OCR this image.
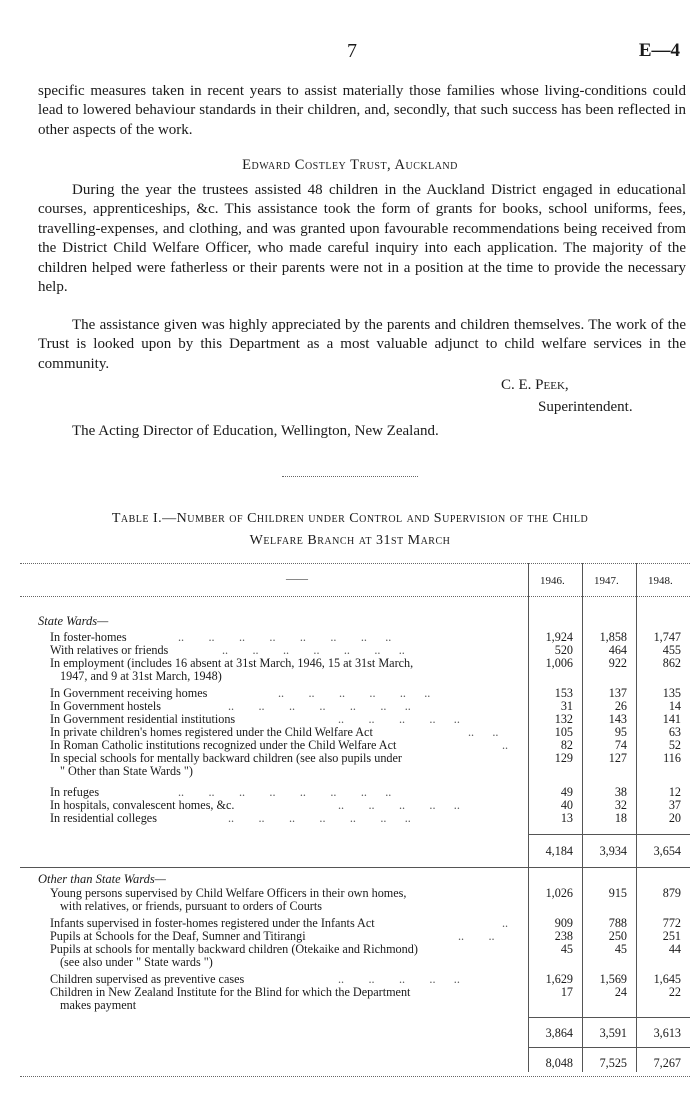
7	E—4

specific measures taken in recent years to assist materially those families whose living-conditions could lead to lowered behaviour standards in their children, and, secondly, that such success has been reflected in other aspects of the work.

Edward Costley Trust, Auckland

During the year the trustees assisted 48 children in the Auckland District engaged in educational courses, apprenticeships, &c. This assistance took the form of grants for books, school uniforms, fees, travelling-expenses, and clothing, and was granted upon favourable recommendations being received from the District Child Welfare Officer, who made careful inquiry into each application. The majority of the children helped were fatherless or their parents were not in a position at the time to provide the necessary help.

The assistance given was highly appreciated by the parents and children themselves. The work of the Trust is looked upon by this Department as a most valuable adjunct to child welfare services in the community.

C. E. Peek,
Superintendent.
The Acting Director of Education, Wellington, New Zealand.
Table I.—Number of Children under Control and Supervision of the Child
Welfare Branch at 31st March
——	1946.	1947.	1948.
State Wards—
In foster-homes	..        ..        ..        ..        ..        ..        ..      ..	1,924	1,858	1,747
With relatives or friends	..        ..        ..        ..        ..        ..      ..	520	464	455
In employment (includes 16 absent at 31st March, 1946, 15 at 31st March,	1,006	922	862
1947, and 9 at 31st March, 1948)
In Government receiving homes	..        ..        ..        ..        ..      ..	153	137	135
In Government hostels	..        ..        ..        ..        ..        ..      ..	31	26	14
In Government residential institutions	..        ..        ..        ..      ..	132	143	141
In private children's homes registered under the Child Welfare Act	..      ..	105	95	63
In Roman Catholic institutions recognized under the Child Welfare Act	..	82	74	52
In special schools for mentally backward children (see also pupils under	129	127	116
" Other than State Wards ")
In refuges	..        ..        ..        ..        ..        ..        ..      ..	49	38	12
In hospitals, convalescent homes, &c.	..        ..        ..        ..      ..	40	32	37
In residential colleges	..        ..        ..        ..        ..        ..      ..	13	18	20
4,184	3,934	3,654
Other than State Wards—
Young persons supervised by Child Welfare Officers in their own homes,	1,026	915	879
with relatives, or friends, pursuant to orders of Courts
Infants supervised in foster-homes registered under the Infants Act	..	909	788	772
Pupils at Schools for the Deaf, Sumner and Titirangi	..        ..	238	250	251
Pupils at schools for mentally backward children (Otekaike and Richmond)	45	45	44
(see also under " State wards ")
Children supervised as preventive cases	..        ..        ..        ..      ..	1,629	1,569	1,645
Children in New Zealand Institute for the Blind for which the Department	17	24	22
makes payment
3,864	3,591	3,613
8,048	7,525	7,267
